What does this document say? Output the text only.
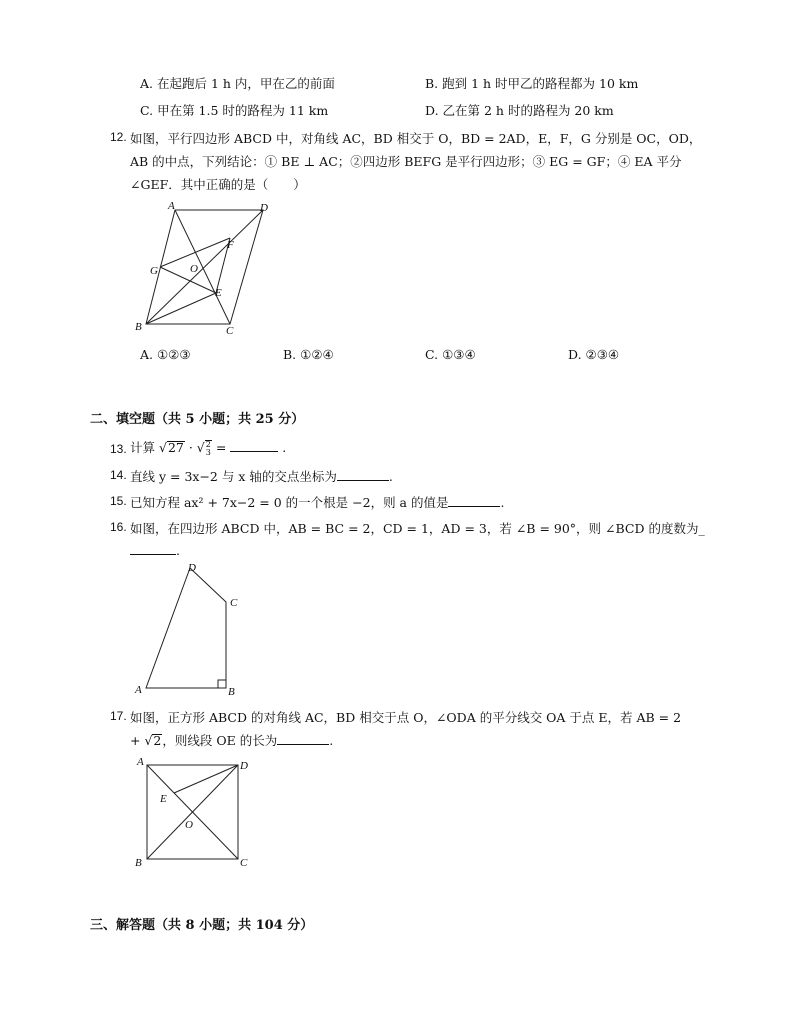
A. 在起跑后 1 h 内，甲在乙的前面	B. 跑到 1 h 时甲乙的路程都为 10 km
C. 甲在第 1.5 时的路程为 11 km	D. 乙在第 2 h 时的路程为 20 km
12. 如图，平行四边形 ABCD 中，对角线 AC，BD 相交于 O，BD = 2AD，E，F，G 分别是 OC，OD，
AB 的中点，下列结论：① BE ⊥ AC；②四边形 BEFG 是平行四边形；③ EG = GF；④ EA 平分
∠GEF．其中正确的是（　　）
A	D
F
G	O
E
B	C
A. ①②③	B. ①②④	C. ①③④	D. ②③④
二、填空题（共 5 小题；共 25 分）
13. 计算 √27 · √2
3 =	.
14. 直线 y = 3x−2 与 x 轴的交点坐标为	.
15. 已知方程 ax² + 7x−2 = 0 的一个根是 −2，则 a 的值是	.
16. 如图，在四边形 ABCD 中，AB = BC = 2，CD = 1，AD = 3，若 ∠B = 90°，则 ∠BCD 的度数为_
.
D
C
A	B
17. 如图，正方形 ABCD 的对角线 AC，BD 相交于点 O，∠ODA 的平分线交 OA 于点 E，若 AB = 2
+ √2，则线段 OE 的长为	.
A	D
E
O
B	C
三、解答题（共 8 小题；共 104 分）
